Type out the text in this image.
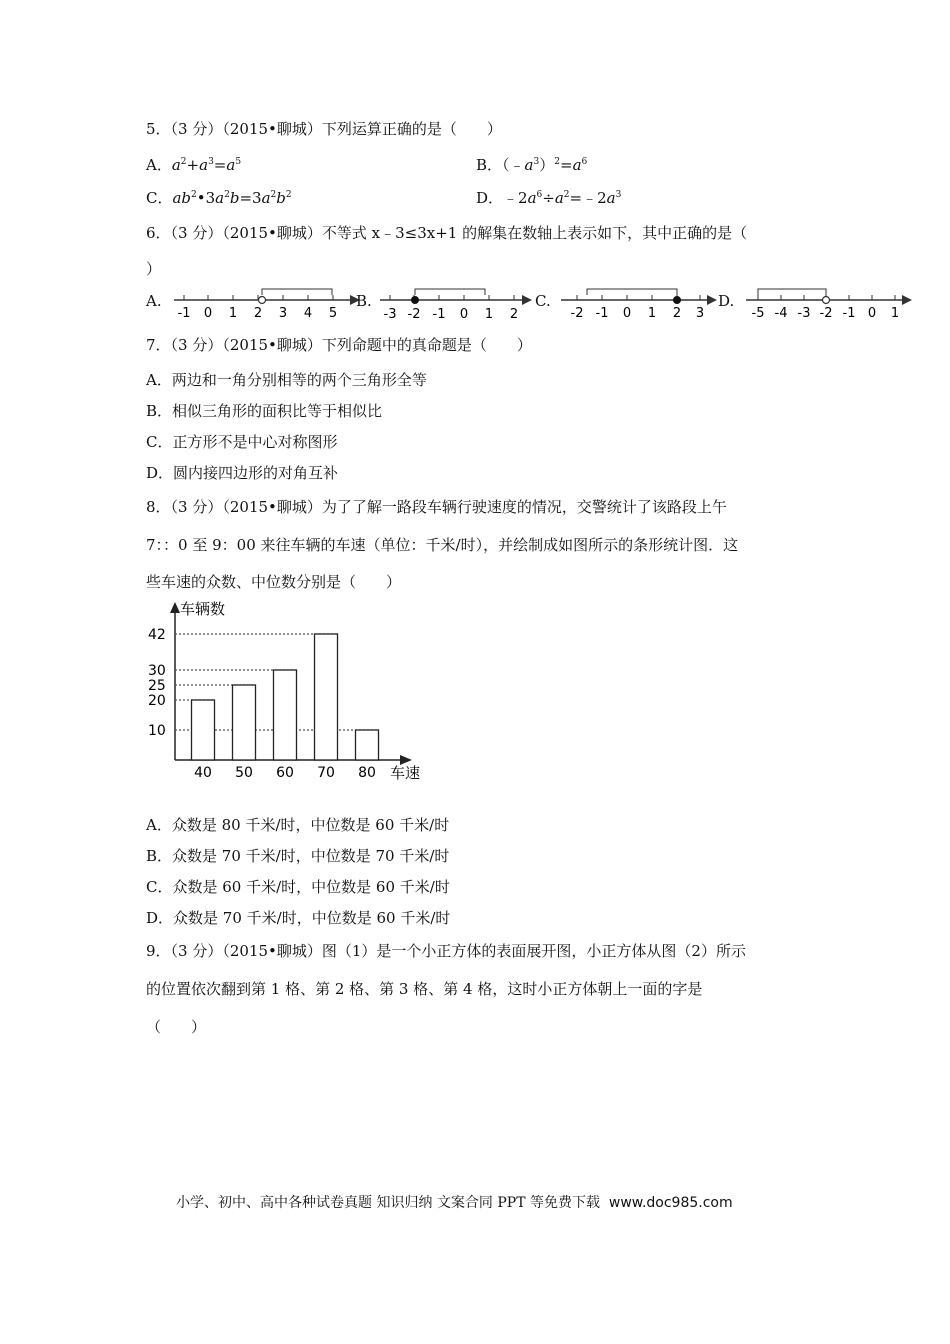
5．（3 分）（2015•聊城）下列运算正确的是（　　）
A．$a^2+a^3=a^5$	B．$(﹣a^3)^2=a^6$
C．$ab^2•3a^2b=3a^2b^2$	D．$﹣2a^6\div a^2=﹣2a^3$
6．（3 分）（2015•聊城）不等式 x﹣3≤3x+1 的解集在数轴上表示如下，其中正确的是（
）
A.
-1 0 1 2 3 4 5
B.
-3 -2 -1 0 1 2
C.
-2 -1 0 1 2 3
D.
-5 -4 -3 -2 -1 0 1
7．（3 分）（2015•聊城）下列命题中的真命题是（　　）
A．两边和一角分别相等的两个三角形全等
B．相似三角形的面积比等于相似比
C．正方形不是中心对称图形
D．圆内接四边形的对角互补
8．（3 分）（2015•聊城）为了了解一路段车辆行驶速度的情况，交警统计了该路段上午
7：：0 至 9：00 来往车辆的车速（单位：千米/时），并绘制成如图所示的条形统计图．这
些车速的众数、中位数分别是（　　）
车辆数
车速
10
20
25
30
42
40 50 60 70 80
A．众数是 80 千米/时，中位数是 60 千米/时
B．众数是 70 千米/时，中位数是 70 千米/时
C．众数是 60 千米/时，中位数是 60 千米/时
D．众数是 70 千米/时，中位数是 60 千米/时
9．（3 分）（2015•聊城）图（1）是一个小正方体的表面展开图，小正方体从图（2）所示
的位置依次翻到第 1 格、第 2 格、第 3 格、第 4 格，这时小正方体朝上一面的字是
（　　）
小学、初中、高中各种试卷真题 知识归纳 文案合同 PPT 等免费下载 www.doc985.com
